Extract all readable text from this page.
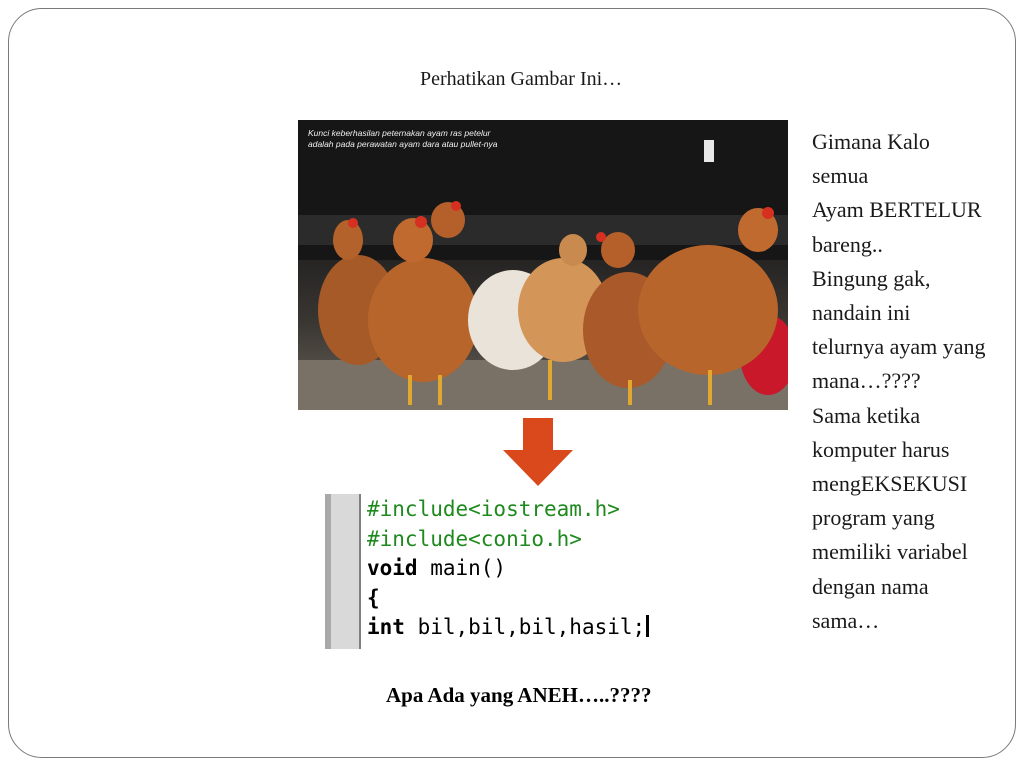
Perhatikan Gambar Ini…
Kunci keberhasilan peternakan ayam ras petelur
adalah pada perawatan ayam dara atau pullet-nya
#include<iostream.h>
#include<conio.h>
void main()
{
int bil,bil,bil,hasil;
Gimana Kalo
semua
Ayam BERTELUR
bareng..
Bingung gak,
nandain ini
telurnya ayam yang
mana…????
Sama ketika
komputer harus
mengEKSEKUSI
program yang
memiliki variabel
dengan nama
sama…
Apa Ada yang ANEH…..????
